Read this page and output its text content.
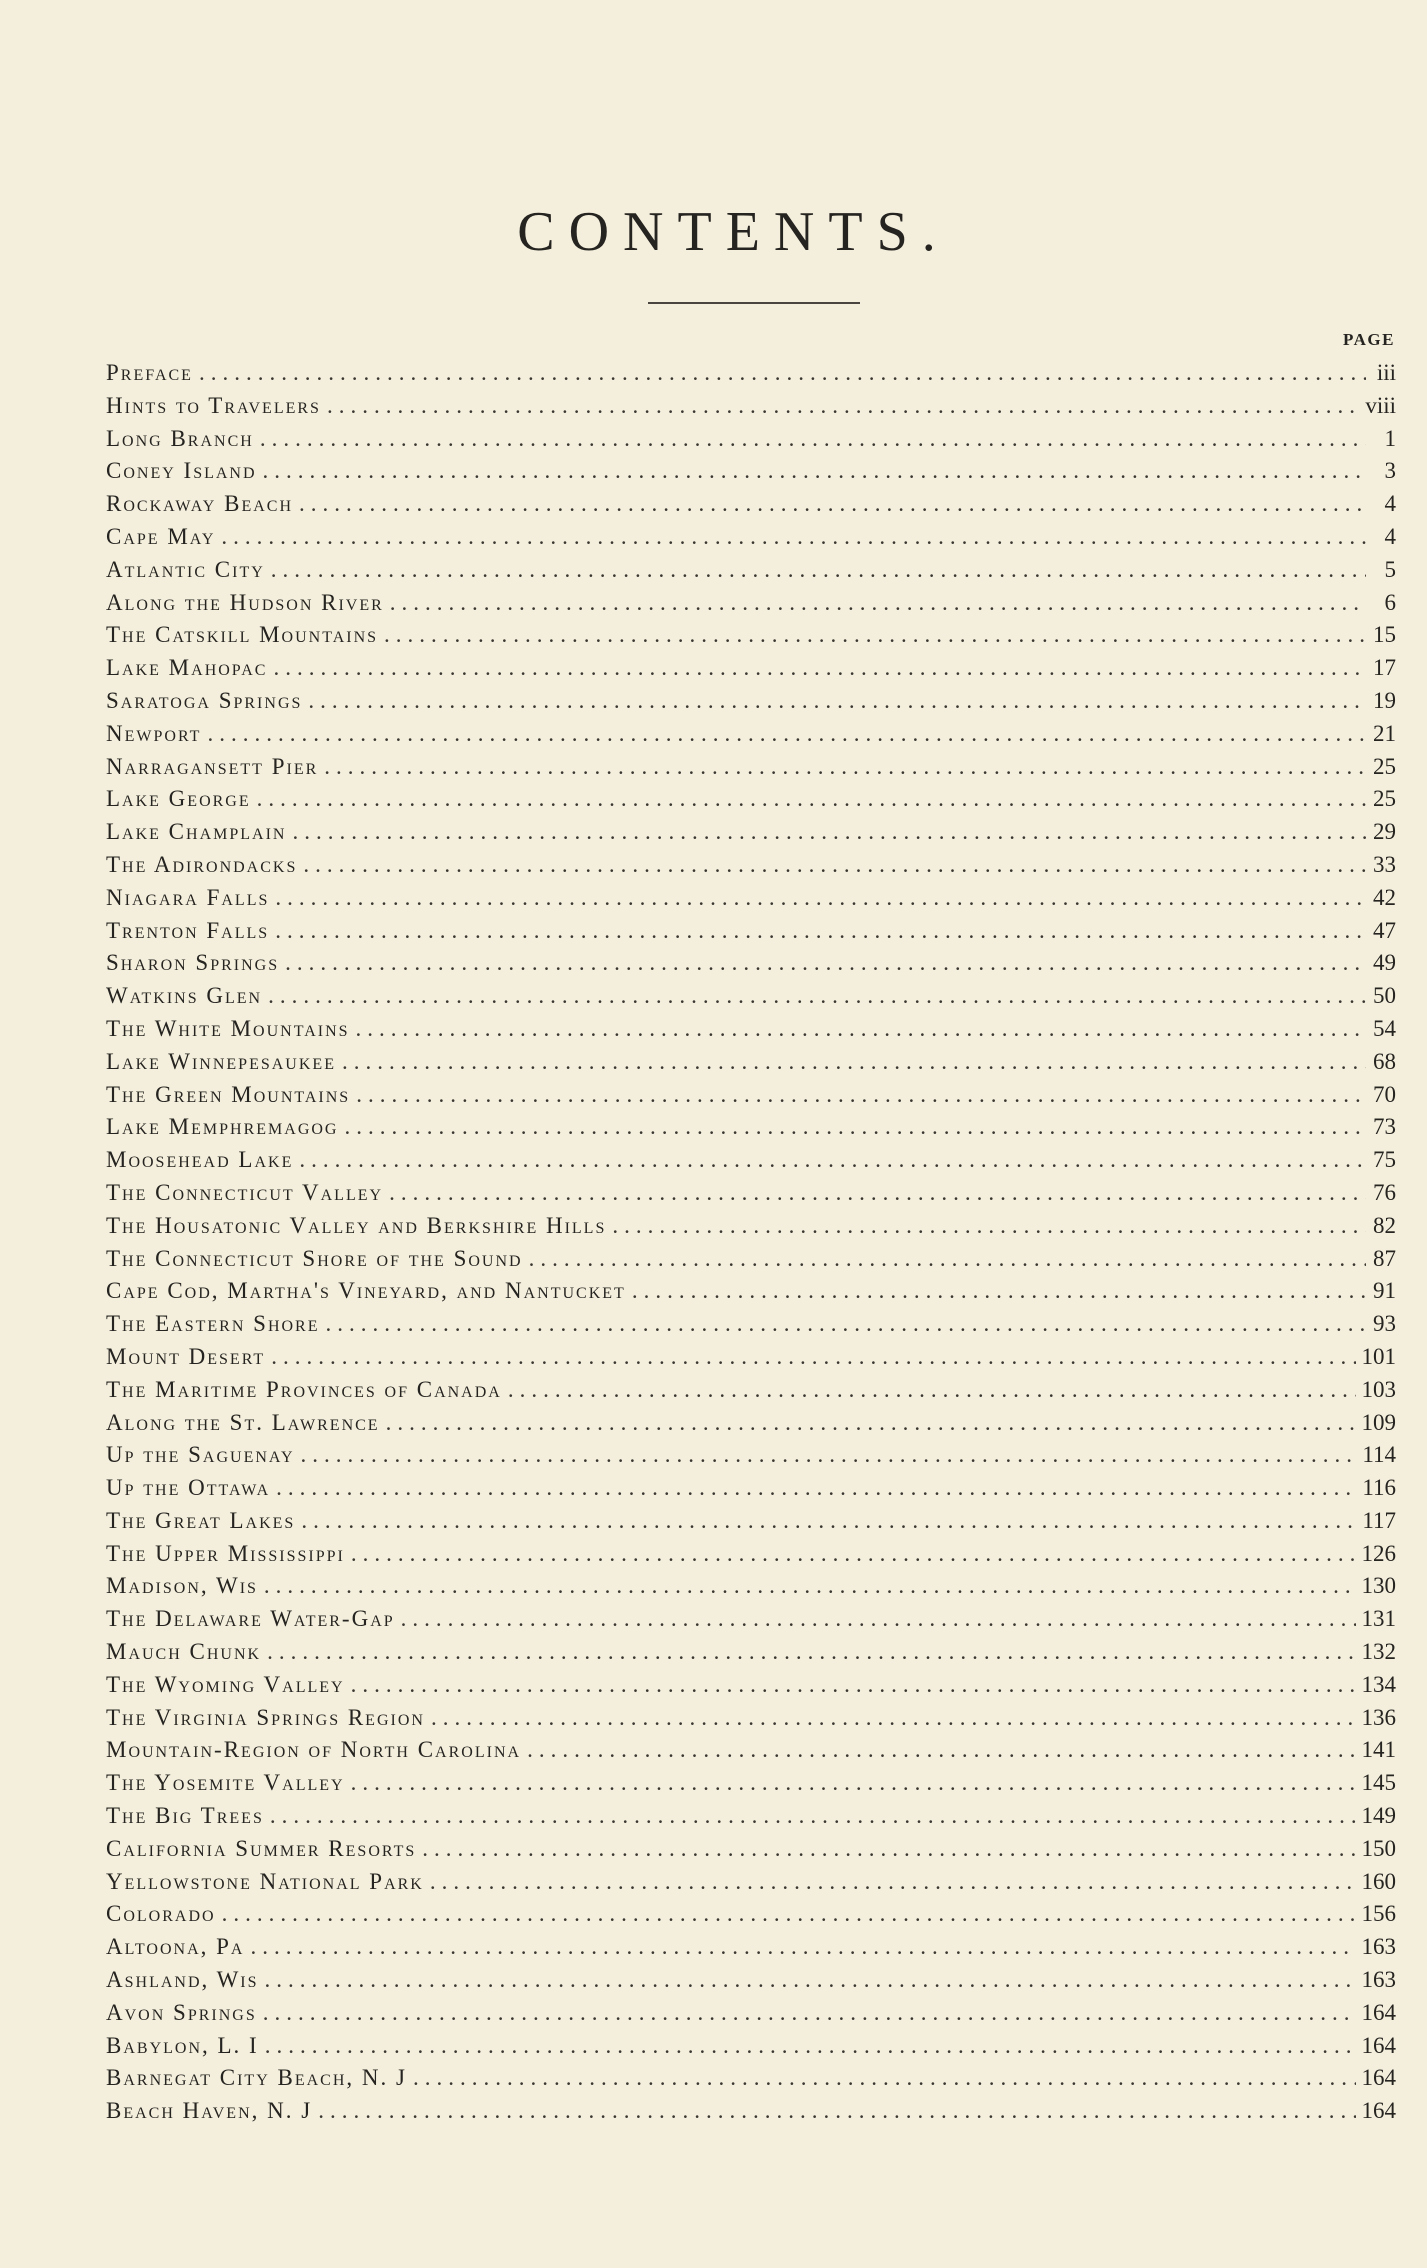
CONTENTS.
PAGE
Preface .....	iii
Hints to Travelers .....	viii
Long Branch .....	1
Coney Island .....	3
Rockaway Beach .....	4
Cape May .....	4
Atlantic City .....	5
Along the Hudson River .....	6
The Catskill Mountains .....	15
Lake Mahopac .....	17
Saratoga Springs .....	19
Newport .....	21
Narragansett Pier .....	25
Lake George .....	25
Lake Champlain .....	29
The Adirondacks .....	33
Niagara Falls .....	42
Trenton Falls .....	47
Sharon Springs .....	49
Watkins Glen .....	50
The White Mountains .....	54
Lake Winnepesaukee .....	68
The Green Mountains .....	70
Lake Memphremagog .....	73
Moosehead Lake .....	75
The Connecticut Valley .....	76
The Housatonic Valley and Berkshire Hills .....	82
The Connecticut Shore of the Sound .....	87
Cape Cod, Martha's Vineyard, and Nantucket .....	91
The Eastern Shore .....	93
Mount Desert .....	101
The Maritime Provinces of Canada .....	103
Along the St. Lawrence .....	109
Up the Saguenay .....	114
Up the Ottawa .....	116
The Great Lakes .....	117
The Upper Mississippi .....	126
Madison, Wis .....	130
The Delaware Water-Gap .....	131
Mauch Chunk .....	132
The Wyoming Valley .....	134
The Virginia Springs Region .....	136
Mountain-Region of North Carolina .....	141
The Yosemite Valley .....	145
The Big Trees .....	149
California Summer Resorts .....	150
Yellowstone National Park .....	160
Colorado .....	156
Altoona, Pa .....	163
Ashland, Wis .....	163
Avon Springs .....	164
Babylon, L. I .....	164
Barnegat City Beach, N. J .....	164
Beach Haven, N. J .....	164
